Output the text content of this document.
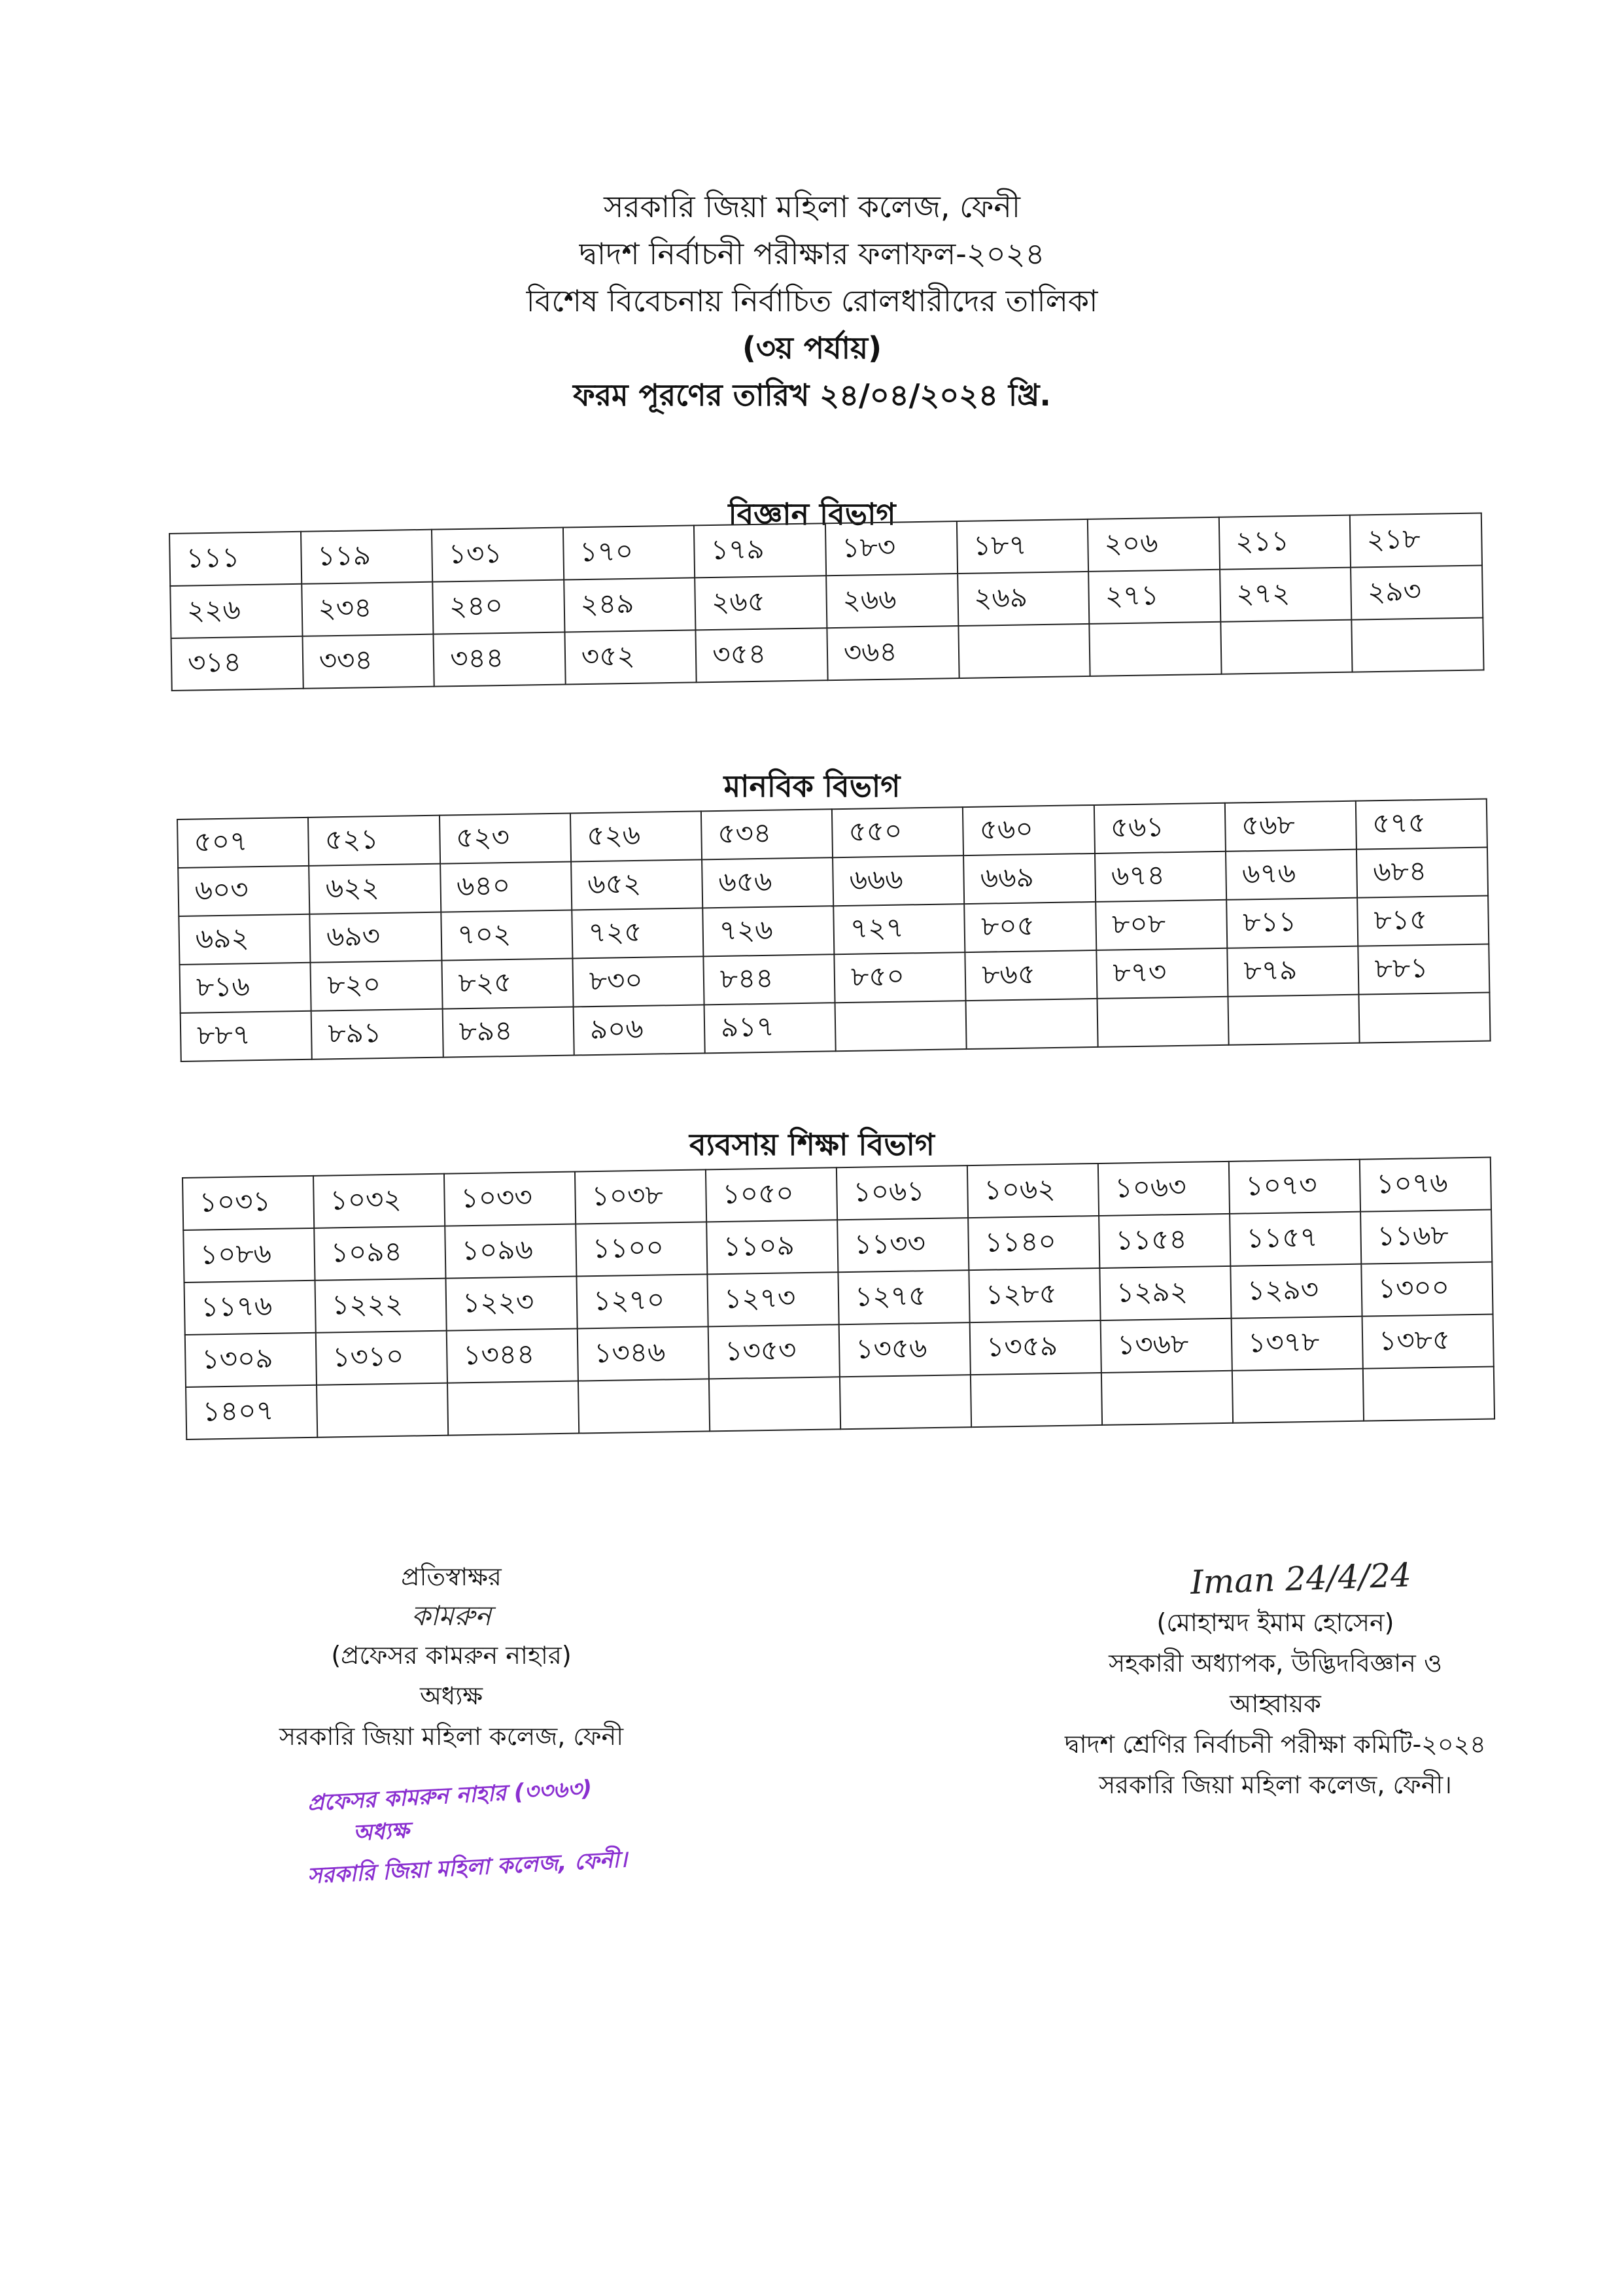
সরকারি জিয়া মহিলা কলেজ, ফেনী
দ্বাদশ নির্বাচনী পরীক্ষার ফলাফল-২০২৪
বিশেষ বিবেচনায় নির্বাচিত রোলধারীদের তালিকা
(৩য় পর্যায়)
ফরম পূরণের তারিখ ২৪/০৪/২০২৪ খ্রি.
বিজ্ঞান বিভাগ
১১১	১১৯	১৩১	১৭০	১৭৯	১৮৩	১৮৭	২০৬	২১১	২১৮
২২৬	২৩৪	২৪০	২৪৯	২৬৫	২৬৬	২৬৯	২৭১	২৭২	২৯৩
৩১৪	৩৩৪	৩৪৪	৩৫২	৩৫৪	৩৬৪				
মানবিক বিভাগ
৫০৭	৫২১	৫২৩	৫২৬	৫৩৪	৫৫০	৫৬০	৫৬১	৫৬৮	৫৭৫
৬০৩	৬২২	৬৪০	৬৫২	৬৫৬	৬৬৬	৬৬৯	৬৭৪	৬৭৬	৬৮৪
৬৯২	৬৯৩	৭০২	৭২৫	৭২৬	৭২৭	৮০৫	৮০৮	৮১১	৮১৫
৮১৬	৮২০	৮২৫	৮৩০	৮৪৪	৮৫০	৮৬৫	৮৭৩	৮৭৯	৮৮১
৮৮৭	৮৯১	৮৯৪	৯০৬	৯১৭					
ব্যবসায় শিক্ষা বিভাগ
১০৩১	১০৩২	১০৩৩	১০৩৮	১০৫০	১০৬১	১০৬২	১০৬৩	১০৭৩	১০৭৬
১০৮৬	১০৯৪	১০৯৬	১১০০	১১০৯	১১৩৩	১১৪০	১১৫৪	১১৫৭	১১৬৮
১১৭৬	১২২২	১২২৩	১২৭০	১২৭৩	১২৭৫	১২৮৫	১২৯২	১২৯৩	১৩০০
১৩০৯	১৩১০	১৩৪৪	১৩৪৬	১৩৫৩	১৩৫৬	১৩৫৯	১৩৬৮	১৩৭৮	১৩৮৫
১৪০৭									
প্রতিস্বাক্ষর
কামরুন
(প্রফেসর কামরুন নাহার)
অধ্যক্ষ
সরকারি জিয়া মহিলা কলেজ, ফেনী
প্রফেসর কামরুন নাহার (৩৩৬৩)
অধ্যক্ষ
সরকারি জিয়া মহিলা কলেজ, ফেনী।
Iman 24/4/24
(মোহাম্মদ ইমাম হোসেন)
সহকারী অধ্যাপক, উদ্ভিদবিজ্ঞান ও
আহ্বায়ক
দ্বাদশ শ্রেণির নির্বাচনী পরীক্ষা কমিটি-২০২৪
সরকারি জিয়া মহিলা কলেজ, ফেনী।
